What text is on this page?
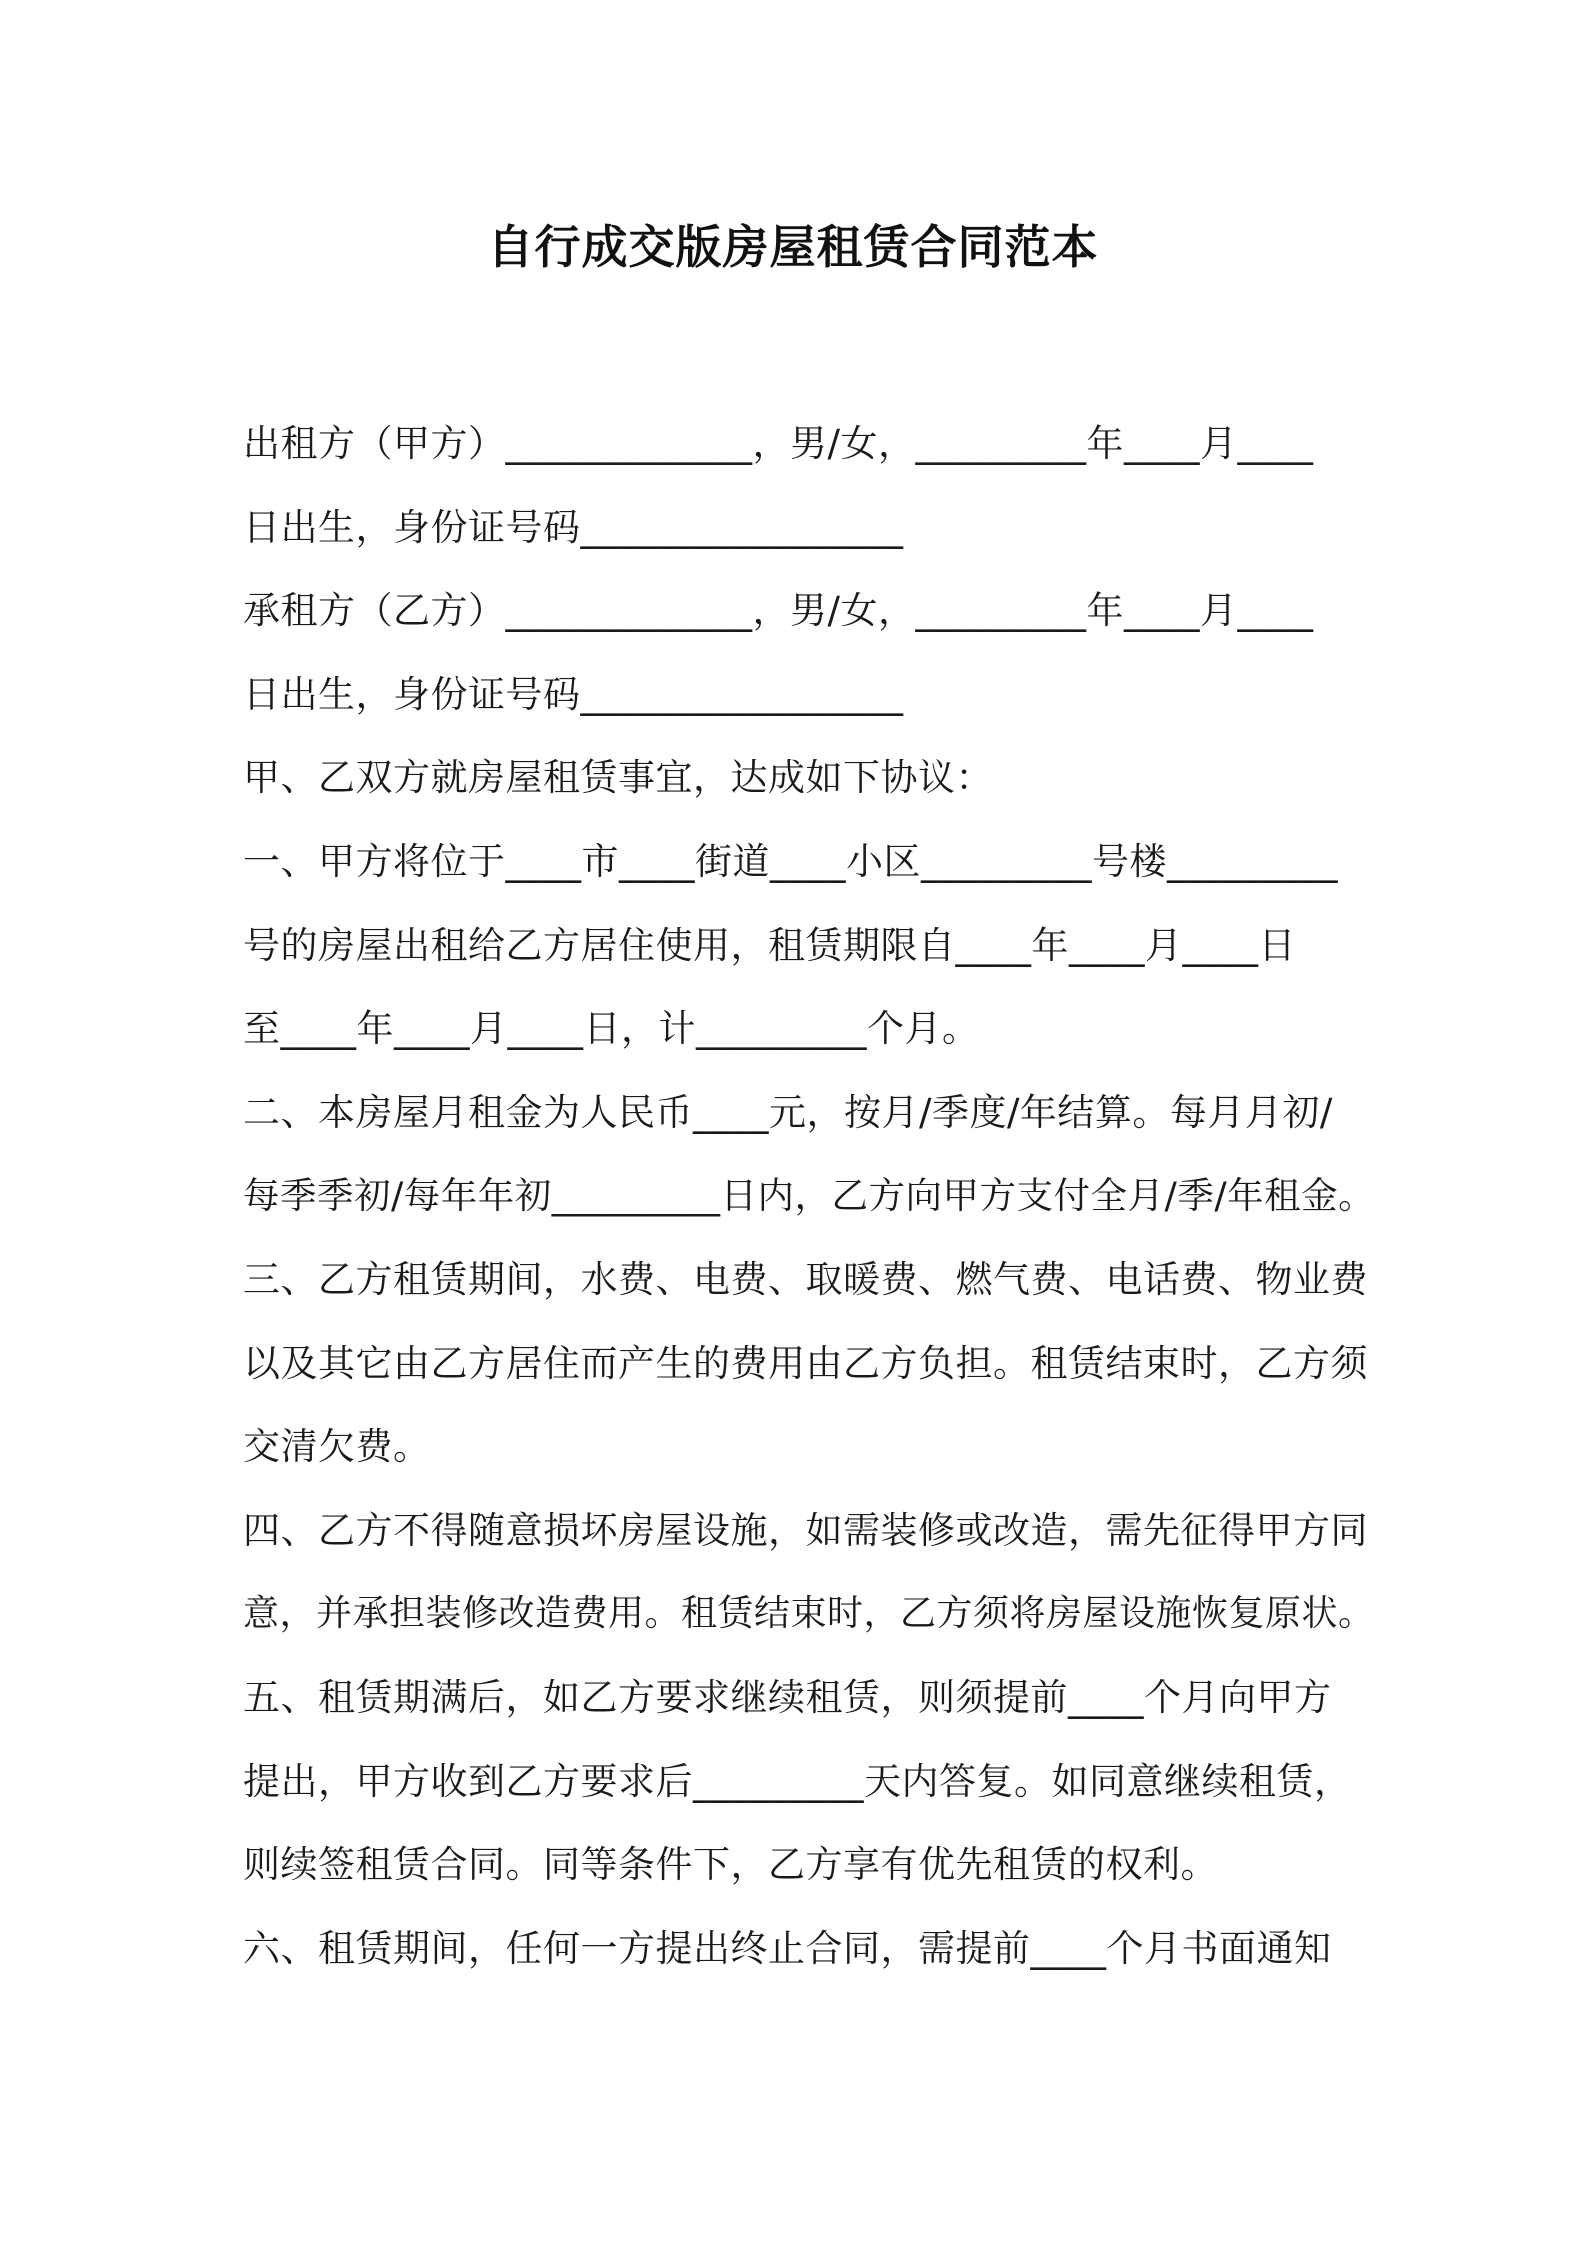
自行成交版房屋租赁合同范本
出租方（甲方）_____________，男/女，_________年____月____
日出生，身份证号码_________________
承租方（乙方）_____________，男/女，_________年____月____
日出生，身份证号码_________________
甲、乙双方就房屋租赁事宜，达成如下协议：
一、甲方将位于____市____街道____小区_________号楼_________
号的房屋出租给乙方居住使用，租赁期限自____年____月____日
至____年____月____日，计_________个月。
二、本房屋月租金为人民币____元，按月/季度/年结算。每月月初/
每季季初/每年年初_________日内，乙方向甲方支付全月/季/年租金。
三、乙方租赁期间，水费、电费、取暖费、燃气费、电话费、物业费
以及其它由乙方居住而产生的费用由乙方负担。租赁结束时，乙方须
交清欠费。
四、乙方不得随意损坏房屋设施，如需装修或改造，需先征得甲方同
意，并承担装修改造费用。租赁结束时，乙方须将房屋设施恢复原状。
五、租赁期满后，如乙方要求继续租赁，则须提前____个月向甲方
提出，甲方收到乙方要求后_________天内答复。如同意继续租赁，
则续签租赁合同。同等条件下，乙方享有优先租赁的权利。
六、租赁期间，任何一方提出终止合同，需提前____个月书面通知
